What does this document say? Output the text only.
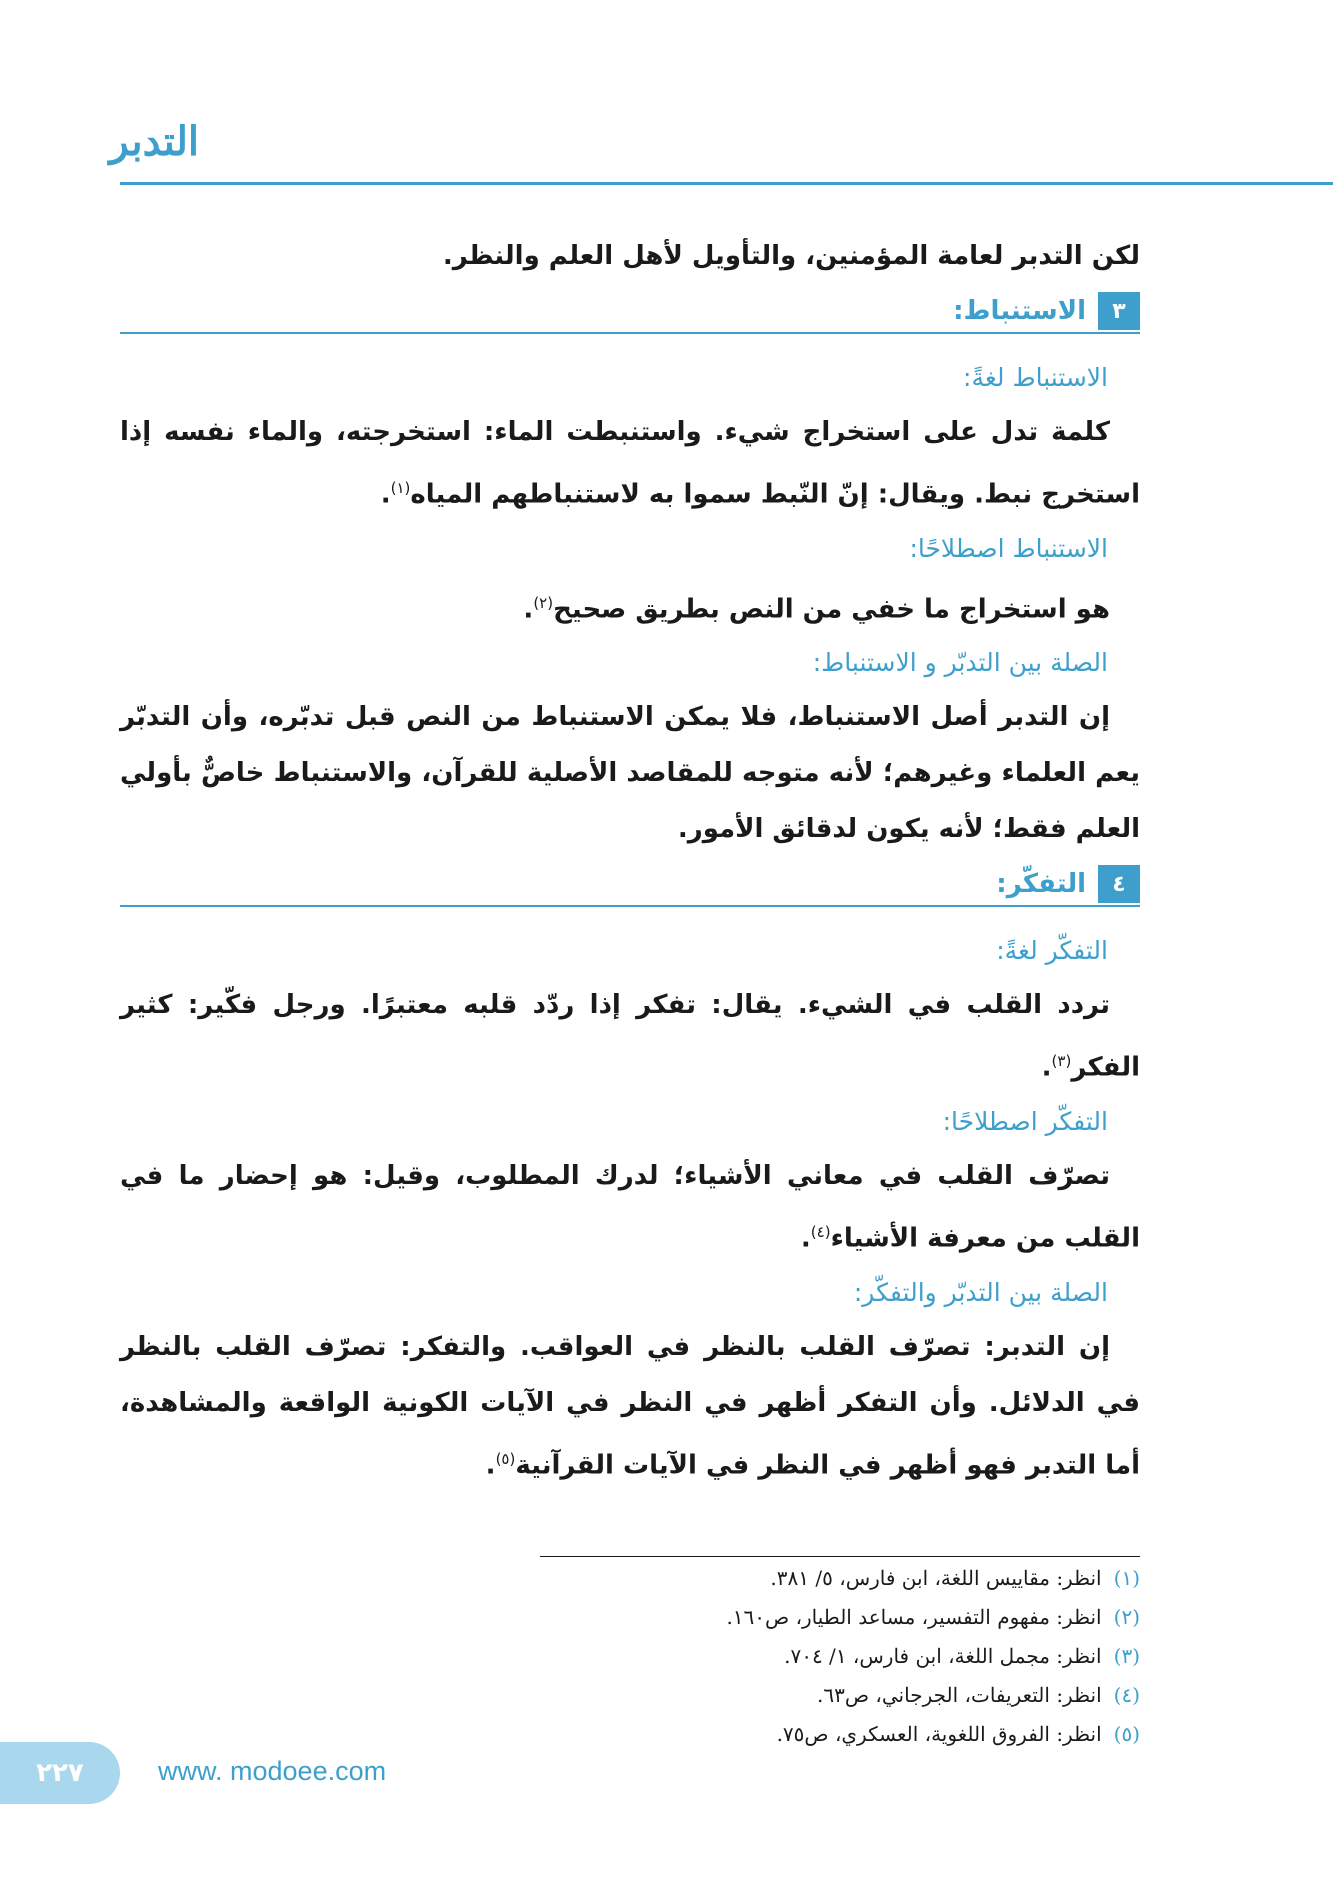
التدبر

لكن التدبر لعامة المؤمنين، والتأويل لأهل العلم والنظر.

٣
الاستنباط:

الاستنباط لغةً:

كلمة تدل على استخراج شيء. واستنبطت الماء: استخرجته، والماء نفسه إذا استخرج نبط. ويقال: إنّ النّبط سموا به لاستنباطهم المياه$^{(١)}$.

الاستنباط اصطلاحًا:

هو استخراج ما خفي من النص بطريق صحيح$^{(٢)}$.

الصلة بين التدبّر و الاستنباط:

إن التدبر أصل الاستنباط، فلا يمكن الاستنباط من النص قبل تدبّره، وأن التدبّر يعم العلماء وغيرهم؛ لأنه متوجه للمقاصد الأصلية للقرآن، والاستنباط خاصٌّ بأولي العلم فقط؛ لأنه يكون لدقائق الأمور.

٤
التفكّر:

التفكّر لغةً:

تردد القلب في الشيء. يقال: تفكر إذا ردّد قلبه معتبرًا. ورجل فكّير: كثير الفكر$^{(٣)}$.

التفكّر اصطلاحًا:

تصرّف القلب في معاني الأشياء؛ لدرك المطلوب، وقيل: هو إحضار ما في القلب من معرفة الأشياء$^{(٤)}$.

الصلة بين التدبّر والتفكّر:

إن التدبر: تصرّف القلب بالنظر في العواقب. والتفكر: تصرّف القلب بالنظر في الدلائل. وأن التفكر أظهر في النظر في الآيات الكونية الواقعة والمشاهدة، أما التدبر فهو أظهر في النظر في الآيات القرآنية$^{(٥)}$.

(١)انظر: مقاييس اللغة، ابن فارس، ٥/ ٣٨١.

(٢)انظر: مفهوم التفسير، مساعد الطيار، ص١٦٠.

(٣)انظر: مجمل اللغة، ابن فارس، ١/ ٧٠٤.

(٤)انظر: التعريفات، الجرجاني، ص٦٣.

(٥)انظر: الفروق اللغوية، العسكري، ص٧٥.

٢٢٧	www. modoee.com
